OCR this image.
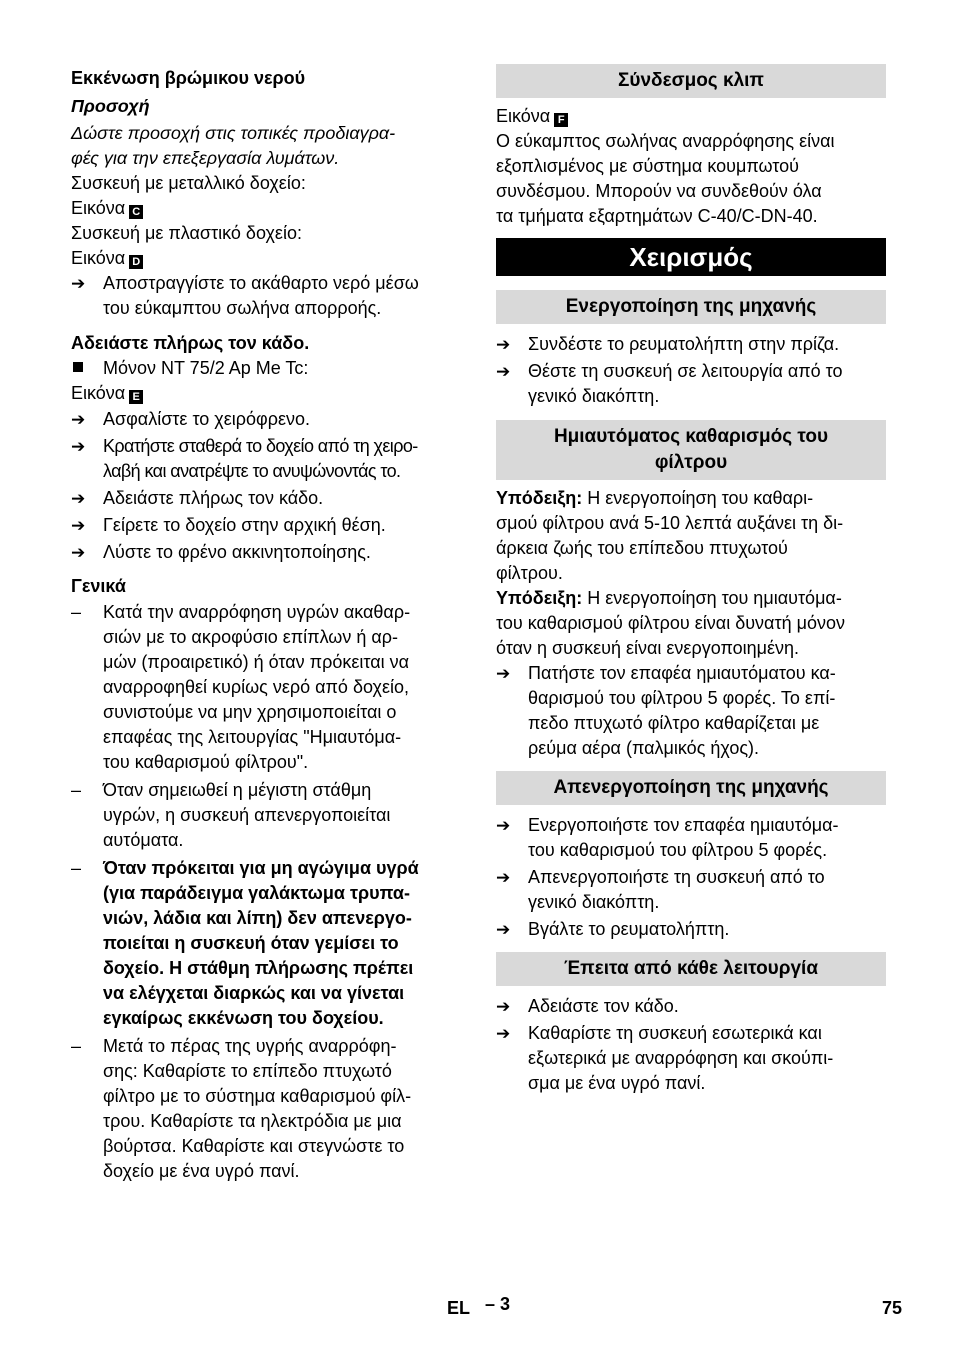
Εκκένωση βρώμικου νερού

Προσοχή

Δώστε προσοχή στις τοπικές προδιαγρα-

φές για την επεξεργασία λυμάτων.

Συσκευή με μεταλλικό δοχείο:

Εικόνα C

Συσκευή με πλαστικό δοχείο:

Εικόνα D

➔ Αποστραγγίστε το ακάθαρτο νερό μέσω
του εύκαμπτου σωλήνα απορροής.

Αδειάστε πλήρως τον κάδο.

Μόνον NT 75/2 Ap Me Tc:

Εικόνα E

➔ Ασφαλίστε το χειρόφρενο.
➔ Κρατήστε σταθερά το δοχείο από τη χειρο-
λαβή και ανατρέψτε το ανυψώνοντάς το.
➔ Αδειάστε πλήρως τον κάδο.
➔ Γείρετε το δοχείο στην αρχική θέση.
➔ Λύστε το φρένο ακκινητοποίησης.

Γενικά

–	Κατά την αναρρόφηση υγρών ακαθαρ-
σιών με το ακροφύσιο επίπλων ή αρ-
μών (προαιρετικό) ή όταν πρόκειται να
αναρροφηθεί κυρίως νερό από δοχείο,
συνιστούμε να μην χρησιμοποιείται ο
επαφέας της λειτουργίας "Ημιαυτόμα-
του καθαρισμού φίλτρου".
–	Όταν σημειωθεί η μέγιστη στάθμη
υγρών, η συσκευή απενεργοποιείται
αυτόματα.
–	Όταν πρόκειται για μη αγώγιμα υγρά
(για παράδειγμα γαλάκτωμα τρυπα-
νιών, λάδια και λίπη) δεν απενεργο-
ποιείται η συσκευή όταν γεμίσει το
δοχείο. Η στάθμη πλήρωσης πρέπει
να ελέγχεται διαρκώς και να γίνεται
εγκαίρως εκκένωση του δοχείου.
–	Μετά το πέρας της υγρής αναρρόφη-
σης: Καθαρίστε το επίπεδο πτυχωτό
φίλτρο με το σύστημα καθαρισμού φίλ-
τρου. Καθαρίστε τα ηλεκτρόδια με μια
βούρτσα. Καθαρίστε και στεγνώστε το
δοχείο με ένα υγρό πανί.
Σύνδεσμος κλιπ

Εικόνα F

Ο εύκαμπτος σωλήνας αναρρόφησης είναι
εξοπλισμένος με σύστημα κουμπωτού
συνδέσμου. Μπορούν να συνδεθούν όλα
τα τμήματα εξαρτημάτων C-40/C-DN-40.

Χειρισμός
Ενεργοποίηση της μηχανής
➔ Συνδέστε το ρευματολήπτη στην πρίζα.
➔ Θέστε τη συσκευή σε λειτουργία από το
γενικό διακόπτη.
Ημιαυτόματος καθαρισμός του
φίλτρου

Υπόδειξη: Η ενεργοποίηση του καθαρι-
σμού φίλτρου ανά 5-10 λεπτά αυξάνει τη δι-
άρκεια ζωής του επίπεδου πτυχωτού
φίλτρου.

Υπόδειξη: Η ενεργοποίηση του ημιαυτόμα-
του καθαρισμού φίλτρου είναι δυνατή μόνον
όταν η συσκευή είναι ενεργοποιημένη.

➔ Πατήστε τον επαφέα ημιαυτόματου κα-
θαρισμού του φίλτρου 5 φορές. Το επί-
πεδο πτυχωτό φίλτρο καθαρίζεται με
ρεύμα αέρα (παλμικός ήχος).
Απενεργοποίηση της μηχανής
➔ Ενεργοποιήστε τον επαφέα ημιαυτόμα-
του καθαρισμού του φίλτρου 5 φορές.
➔ Απενεργοποιήστε τη συσκευή από το
γενικό διακόπτη.
➔ Βγάλτε το ρευματολήπτη.
Έπειτα από κάθε λειτουργία
➔ Αδειάστε τον κάδο.
➔ Καθαρίστε τη συσκευή εσωτερικά και
εξωτερικά με αναρρόφηση και σκούπι-
σμα με ένα υγρό πανί.
EL – 3	75
